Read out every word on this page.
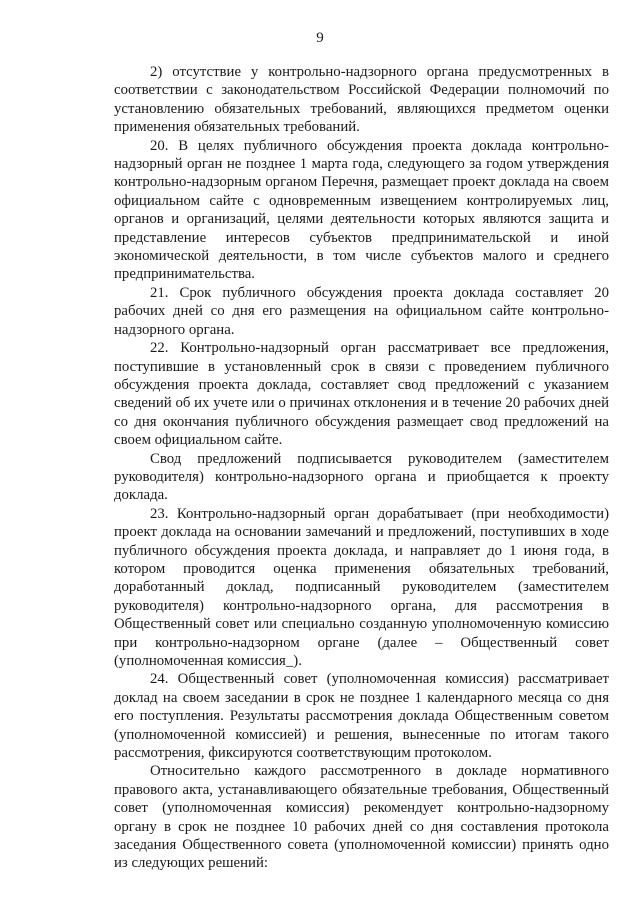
9

2) отсутствие у контрольно-надзорного органа предусмотренных в соответствии с законодательством Российской Федерации полномочий по установлению обязательных требований, являющихся предметом оценки применения обязательных требований.

20. В целях публичного обсуждения проекта доклада контрольно-надзорный орган не позднее 1 марта года, следующего за годом утверждения контрольно-надзорным органом Перечня, размещает проект доклада на своем официальном сайте с одновременным извещением контролируемых лиц, органов и организаций, целями деятельности которых являются защита и представление интересов субъектов предпринимательской и иной экономической деятельности, в том числе субъектов малого и среднего предпринимательства.

21. Срок публичного обсуждения проекта доклада составляет 20 рабочих дней со дня его размещения на официальном сайте контрольно-надзорного органа.

22. Контрольно-надзорный орган рассматривает все предложения, поступившие в установленный срок в связи с проведением публичного обсуждения проекта доклада, составляет свод предложений с указанием сведений об их учете или о причинах отклонения и в течение 20 рабочих дней со дня окончания публичного обсуждения размещает свод предложений на своем официальном сайте.

Свод предложений подписывается руководителем (заместителем руководителя) контрольно-надзорного органа и приобщается к проекту доклада.

23. Контрольно-надзорный орган дорабатывает (при необходимости) проект доклада на основании замечаний и предложений, поступивших в ходе публичного обсуждения проекта доклада, и направляет до 1 июня года, в котором проводится оценка применения обязательных требований, доработанный доклад, подписанный руководителем (заместителем руководителя) контрольно-надзорного органа, для рассмотрения в Общественный совет или специально созданную уполномоченную комиссию при контрольно-надзорном органе (далее – Общественный совет (уполномоченная комиссия_).

24. Общественный совет (уполномоченная комиссия) рассматривает доклад на своем заседании в срок не позднее 1 календарного месяца со дня его поступления. Результаты рассмотрения доклада Общественным советом (уполномоченной комиссией) и решения, вынесенные по итогам такого рассмотрения, фиксируются соответствующим протоколом.

Относительно каждого рассмотренного в докладе нормативного правового акта, устанавливающего обязательные требования, Общественный совет (уполномоченная комиссия) рекомендует контрольно-надзорному органу в срок не позднее 10 рабочих дней со дня составления протокола заседания Общественного совета (уполномоченной комиссии) принять одно из следующих решений:
